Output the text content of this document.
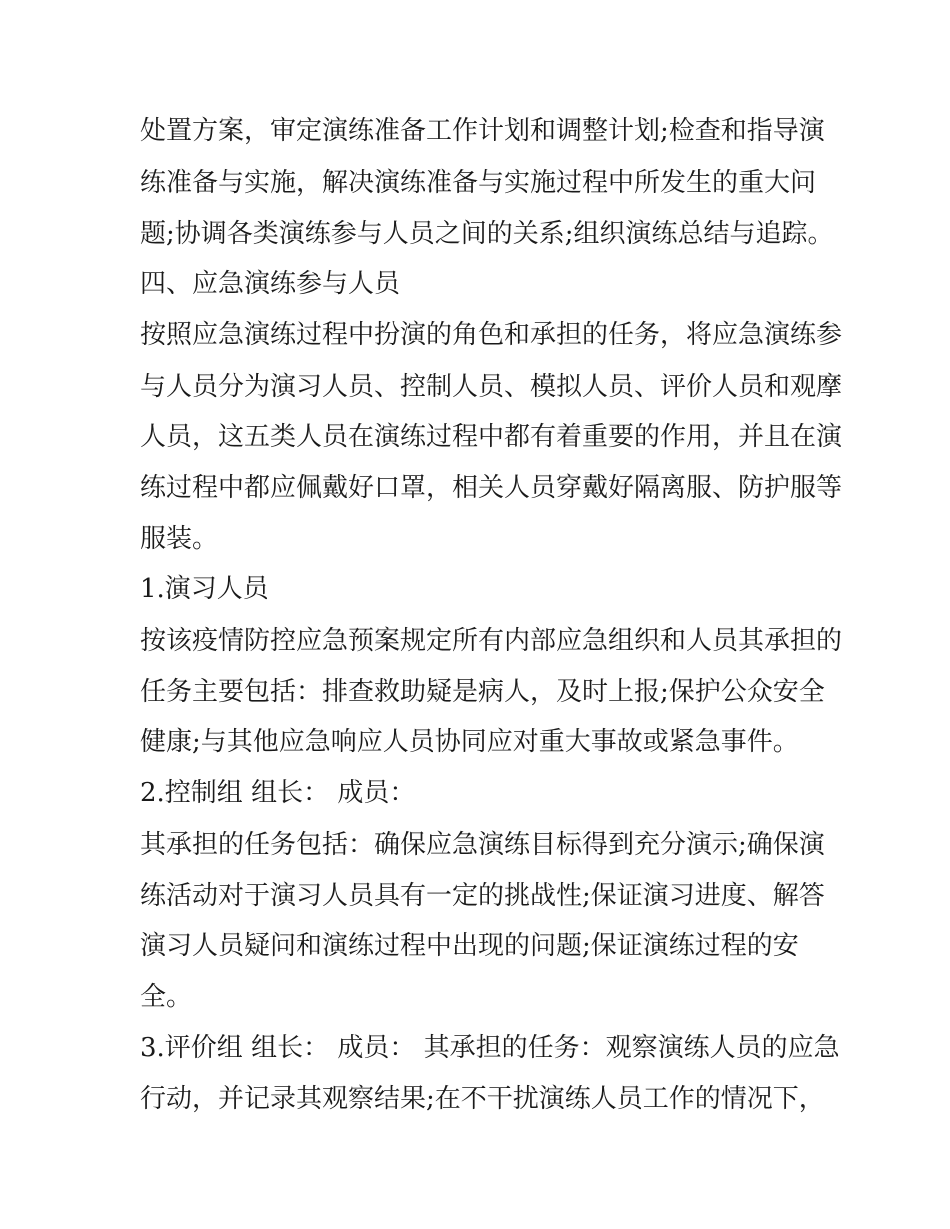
处置方案，审定演练准备工作计划和调整计划;检查和指导演
练准备与实施，解决演练准备与实施过程中所发生的重大问
题;协调各类演练参与人员之间的关系;组织演练总结与追踪。
四、应急演练参与人员
按照应急演练过程中扮演的角色和承担的任务，将应急演练参
与人员分为演习人员、控制人员、模拟人员、评价人员和观摩
人员，这五类人员在演练过程中都有着重要的作用，并且在演
练过程中都应佩戴好口罩，相关人员穿戴好隔离服、防护服等
服装。
1.演习人员
按该疫情防控应急预案规定所有内部应急组织和人员其承担的
任务主要包括：排查救助疑是病人，及时上报;保护公众安全
健康;与其他应急响应人员协同应对重大事故或紧急事件。
2.控制组 组长： 成员：
其承担的任务包括：确保应急演练目标得到充分演示;确保演
练活动对于演习人员具有一定的挑战性;保证演习进度、解答
演习人员疑问和演练过程中出现的问题;保证演练过程的安
全。
3.评价组 组长： 成员： 其承担的任务：观察演练人员的应急
行动，并记录其观察结果;在不干扰演练人员工作的情况下，
